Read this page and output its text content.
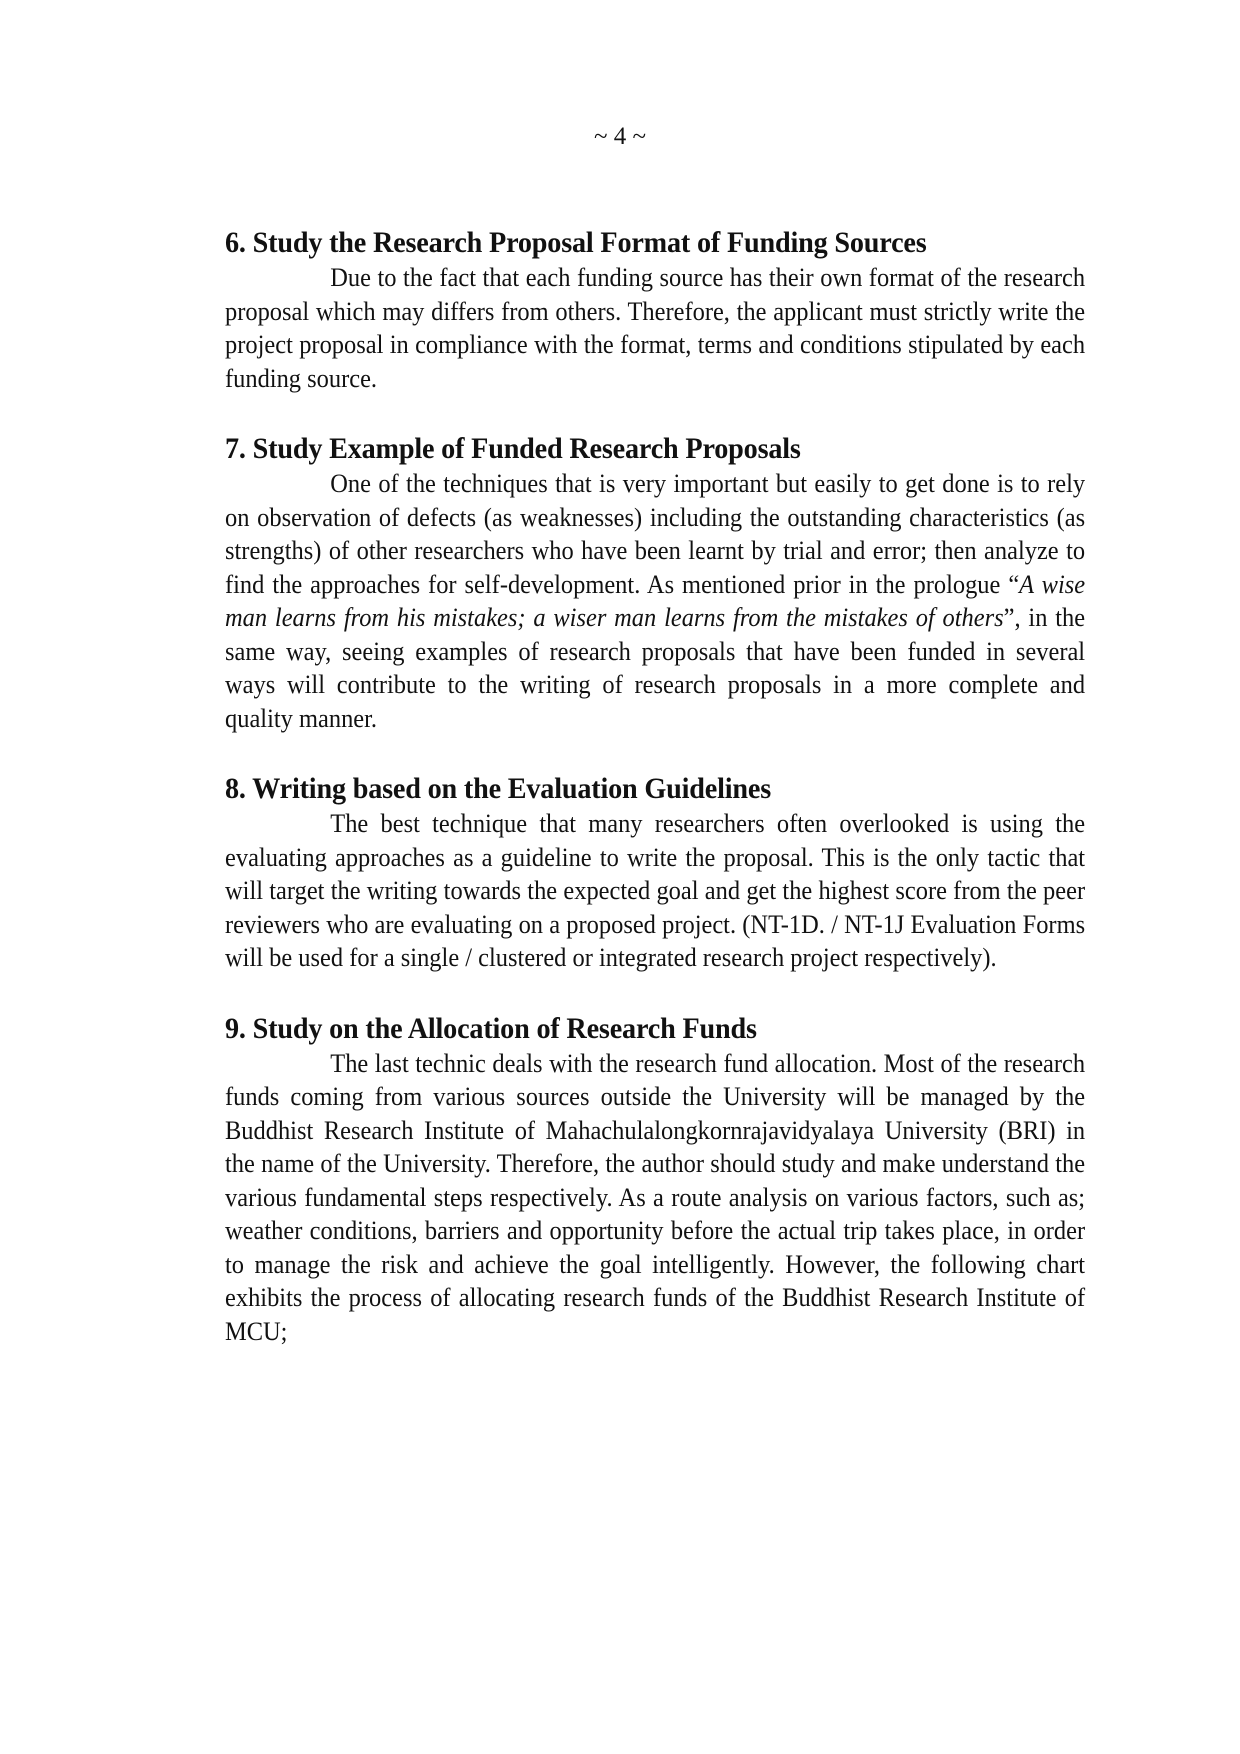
~ 4 ~
6. Study the Research Proposal Format of Funding Sources

Due to the fact that each funding source has their own format of the research proposal which may differs from others. Therefore, the applicant must strictly write the project proposal in compliance with the format, terms and conditions stipulated by each funding source.

7. Study Example of Funded Research Proposals

One of the techniques that is very important but easily to get done is to rely on observation of defects (as weaknesses) including the outstanding characteristics (as strengths) of other researchers who have been learnt by trial and error; then analyze to find the approaches for self-development. As mentioned prior in the prologue “A wise man learns from his mistakes; a wiser man learns from the mistakes of others”, in the same way, seeing examples of research proposals that have been funded in several ways will contribute to the writing of research proposals in a more complete and quality manner.

8. Writing based on the Evaluation Guidelines

The best technique that many researchers often overlooked is using the evaluating approaches as a guideline to write the proposal. This is the only tactic that will target the writing towards the expected goal and get the highest score from the peer reviewers who are evaluating on a proposed project. (NT-1D. / NT-1J Evaluation Forms will be used for a single / clustered or integrated research project respectively).

9. Study on the Allocation of Research Funds

The last technic deals with the research fund allocation. Most of the research funds coming from various sources outside the University will be managed by the Buddhist Research Institute of Mahachulalongkornrajavidyalaya University (BRI) in the name of the University. Therefore, the author should study and make understand the various fundamental steps respectively. As a route analysis on various factors, such as; weather conditions, barriers and opportunity before the actual trip takes place, in order to manage the risk and achieve the goal intelligently. However, the following chart exhibits the process of allocating research funds of the Buddhist Research Institute of MCU;
